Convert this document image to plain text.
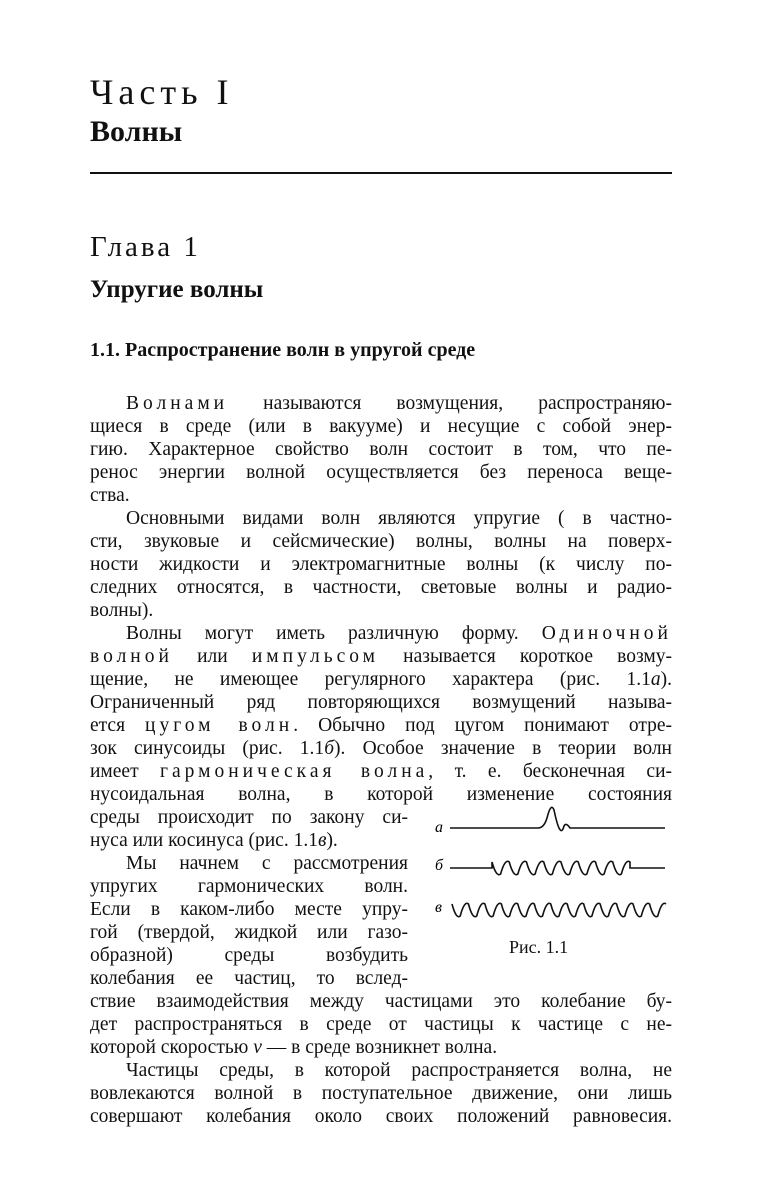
Часть I
Волны
Глава 1
Упругие волны
1.1. Распространение волн в упругой среде
Волнами называются возмущения, распространяю-
щиеся в среде (или в вакууме) и несущие с собой энер-
гию. Характерное свойство волн состоит в том, что пе-
ренос энергии волной осуществляется без переноса веще-
ства.
Основными видами волн являются упругие ( в частно-
сти, звуковые и сейсмические) волны, волны на поверх-
ности жидкости и электромагнитные волны (к числу по-
следних относятся, в частности, световые волны и радио-
волны).
Волны могут иметь различную форму. Одиночной
волной или импульсом называется короткое возму-
щение, не имеющее регулярного характера (рис. 1.1а).
Ограниченный ряд повторяющихся возмущений называ-
ется цугом волн. Обычно под цугом понимают отре-
зок синусоиды (рис. 1.1б). Особое значение в теории волн
имеет гармоническая волна, т. е. бесконечная си-
нусоидальная волна, в которой изменение состояния
среды происходит по закону си-
нуса или косинуса (рис. 1.1в).
Мы начнем с рассмотрения
упругих гармонических волн.
Если в каком-либо месте упру-
гой (твердой, жидкой или газо-
образной) среды возбудить
колебания ее частиц, то вслед-
ствие взаимодействия между частицами это колебание бу-
дет распространяться в среде от частицы к частице с не-
которой скоростью v — в среде возникнет волна.
Частицы среды, в которой распространяется волна, не
вовлекаются волной в поступательное движение, они лишь
совершают колебания около своих положений равновесия.
а
б
в
Рис. 1.1
